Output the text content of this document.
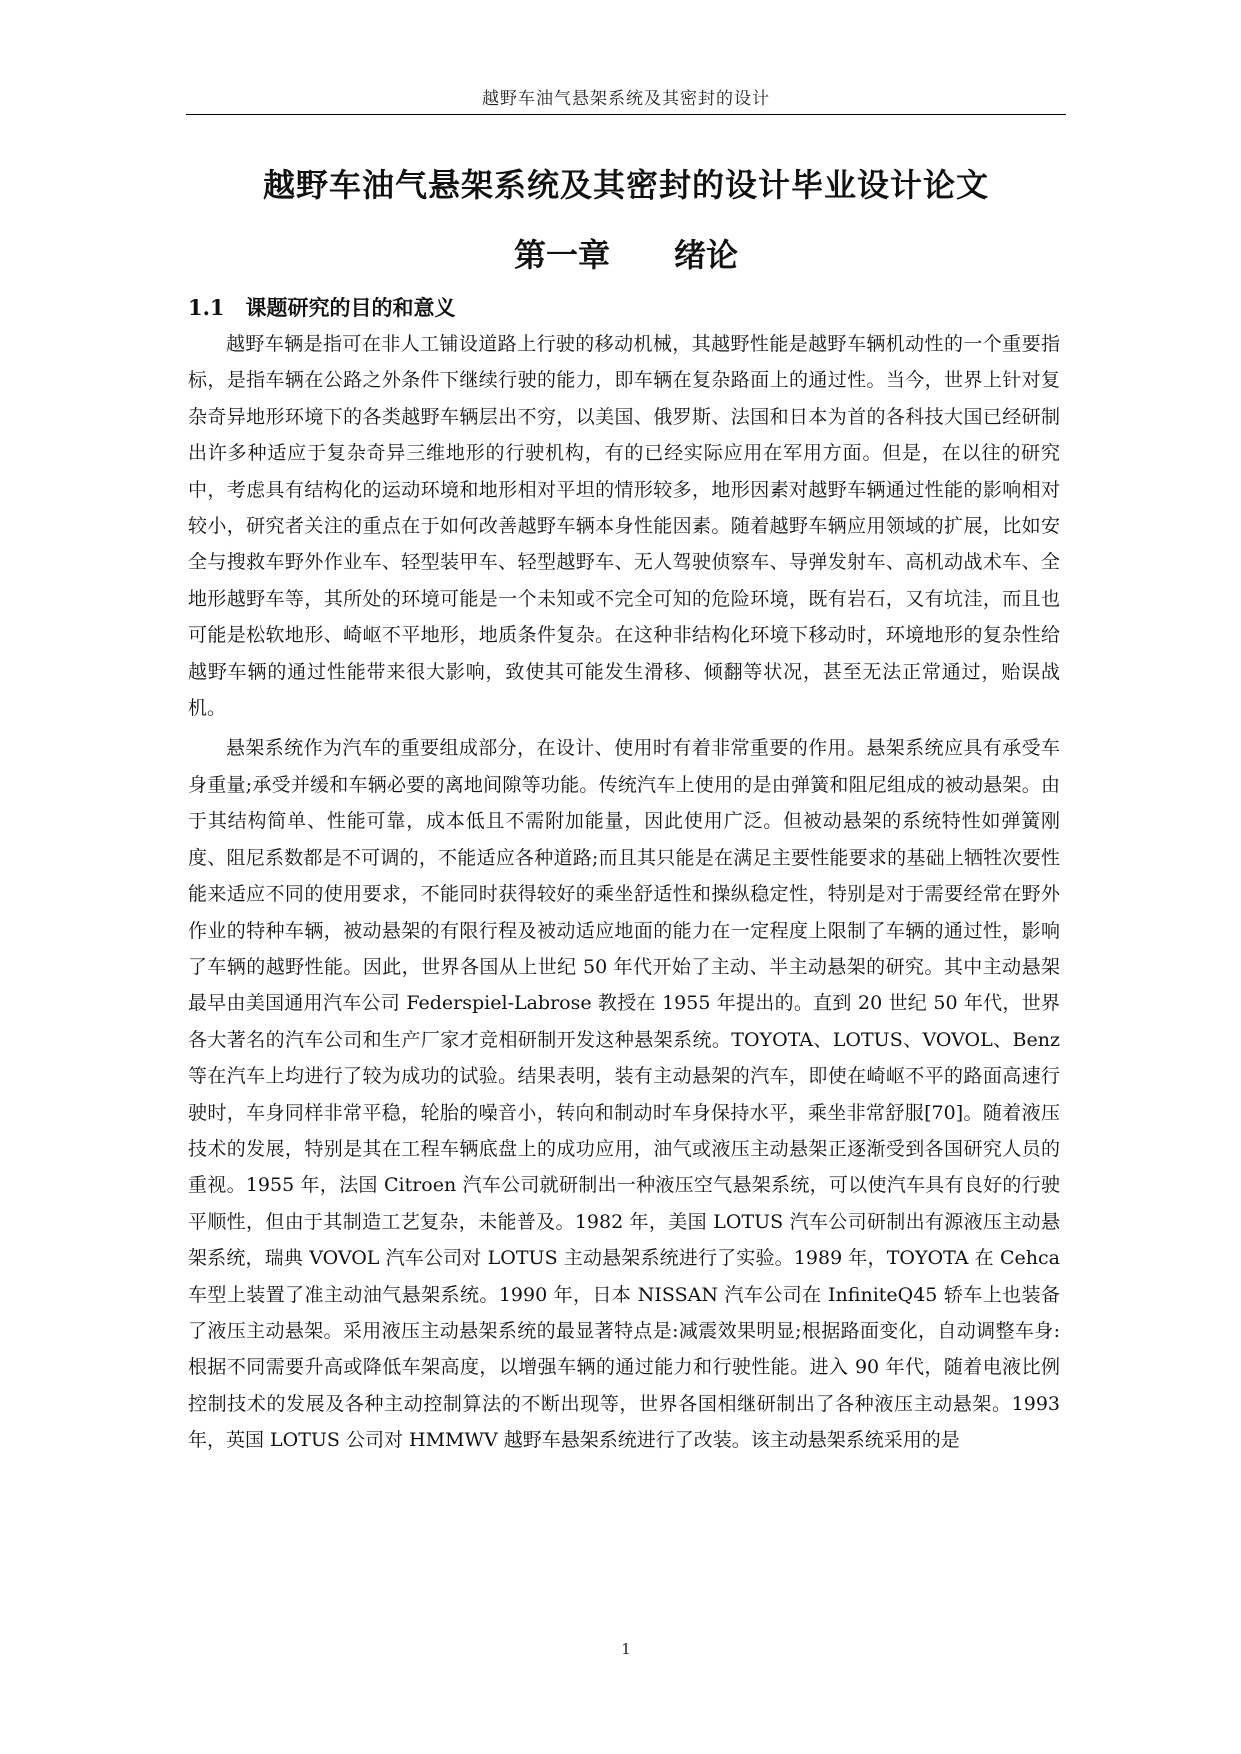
越野车油气悬架系统及其密封的设计
越野车油气悬架系统及其密封的设计毕业设计论文
第一章　　绪论
1.1　课题研究的目的和意义

越野车辆是指可在非人工铺设道路上行驶的移动机械，其越野性能是越野车辆机动性的一个重要指标，是指车辆在公路之外条件下继续行驶的能力，即车辆在复杂路面上的通过性。当今，世界上针对复杂奇异地形环境下的各类越野车辆层出不穷，以美国、俄罗斯、法国和日本为首的各科技大国已经研制出许多种适应于复杂奇异三维地形的行驶机构，有的已经实际应用在军用方面。但是，在以往的研究中，考虑具有结构化的运动环境和地形相对平坦的情形较多，地形因素对越野车辆通过性能的影响相对较小，研究者关注的重点在于如何改善越野车辆本身性能因素。随着越野车辆应用领域的扩展，比如安全与搜救车野外作业车、轻型装甲车、轻型越野车、无人驾驶侦察车、导弹发射车、高机动战术车、全地形越野车等，其所处的环境可能是一个未知或不完全可知的危险环境，既有岩石，又有坑洼，而且也可能是松软地形、崎岖不平地形，地质条件复杂。在这种非结构化环境下移动时，环境地形的复杂性给越野车辆的通过性能带来很大影响，致使其可能发生滑移、倾翻等状况，甚至无法正常通过，贻误战机。

悬架系统作为汽车的重要组成部分，在设计、使用时有着非常重要的作用。悬架系统应具有承受车身重量;承受并缓和车辆必要的离地间隙等功能。传统汽车上使用的是由弹簧和阻尼组成的被动悬架。由于其结构简单、性能可靠，成本低且不需附加能量，因此使用广泛。但被动悬架的系统特性如弹簧刚度、阻尼系数都是不可调的，不能适应各种道路;而且其只能是在满足主要性能要求的基础上牺牲次要性能来适应不同的使用要求，不能同时获得较好的乘坐舒适性和操纵稳定性，特别是对于需要经常在野外作业的特种车辆，被动悬架的有限行程及被动适应地面的能力在一定程度上限制了车辆的通过性，影响了车辆的越野性能。因此，世界各国从上世纪 50 年代开始了主动、半主动悬架的研究。其中主动悬架最早由美国通用汽车公司 Federspiel-Labrose 教授在 1955 年提出的。直到 20 世纪 50 年代，世界各大著名的汽车公司和生产厂家才竞相研制开发这种悬架系统。TOYOTA、LOTUS、VOVOL、Benz 等在汽车上均进行了较为成功的试验。结果表明，装有主动悬架的汽车，即使在崎岖不平的路面高速行驶时，车身同样非常平稳，轮胎的噪音小，转向和制动时车身保持水平，乘坐非常舒服[70]。随着液压技术的发展，特别是其在工程车辆底盘上的成功应用，油气或液压主动悬架正逐渐受到各国研究人员的重视。1955 年，法国 Citroen 汽车公司就研制出一种液压空气悬架系统，可以使汽车具有良好的行驶平顺性，但由于其制造工艺复杂，未能普及。1982 年，美国 LOTUS 汽车公司研制出有源液压主动悬架系统，瑞典 VOVOL 汽车公司对 LOTUS 主动悬架系统进行了实验。1989 年，TOYOTA 在 Cehca 车型上装置了准主动油气悬架系统。1990 年，日本 NISSAN 汽车公司在 InfiniteQ45 轿车上也装备了液压主动悬架。采用液压主动悬架系统的最显著特点是:减震效果明显;根据路面变化，自动调整车身:根据不同需要升高或降低车架高度，以增强车辆的通过能力和行驶性能。进入 90 年代，随着电液比例控制技术的发展及各种主动控制算法的不断出现等，世界各国相继研制出了各种液压主动悬架。1993 年，英国 LOTUS 公司对 HMMWV 越野车悬架系统进行了改装。该主动悬架系统采用的是

1
